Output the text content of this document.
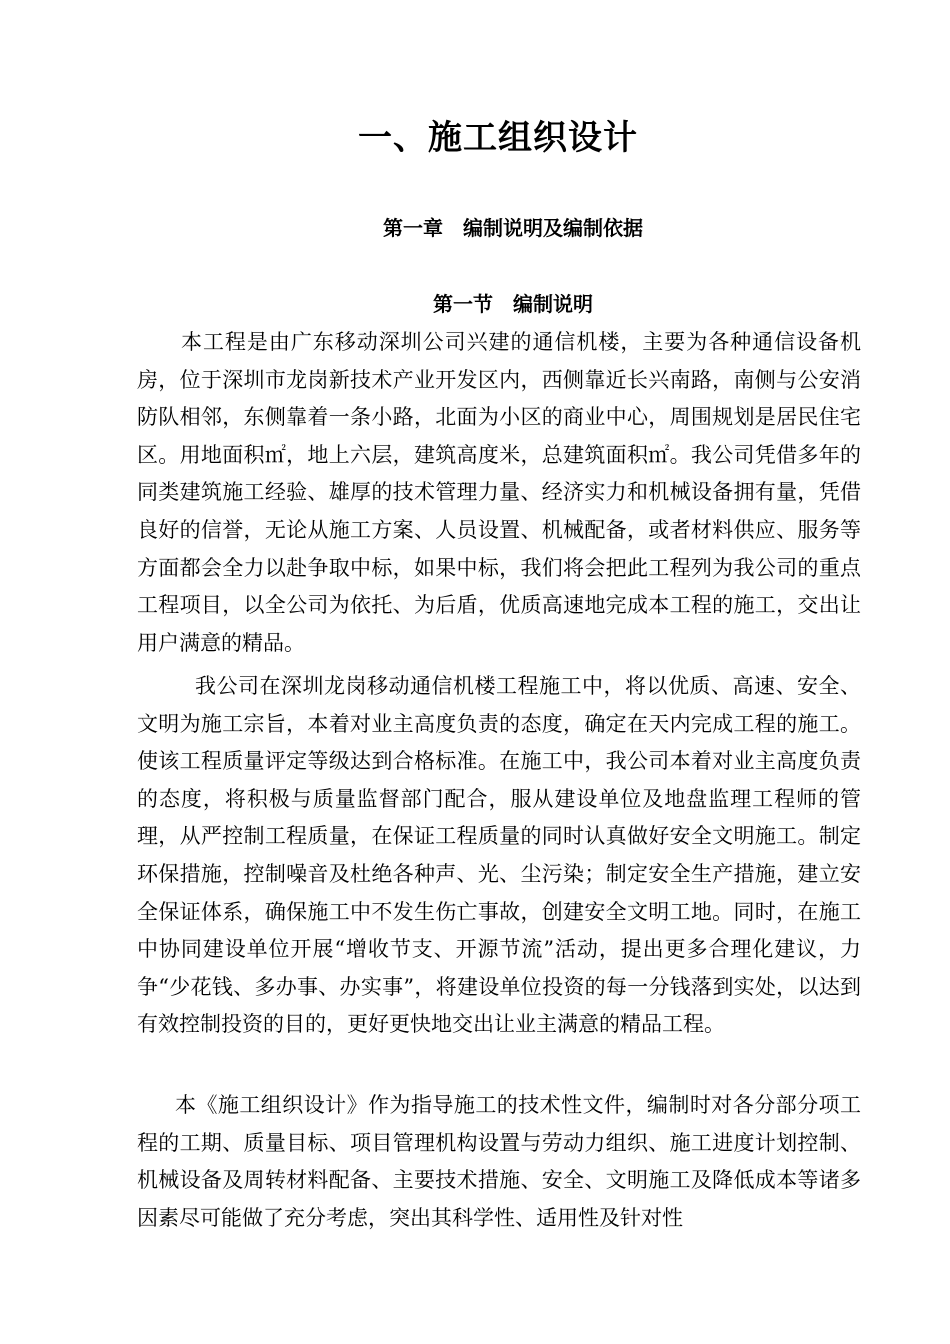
一、施工组织设计
第一章　编制说明及编制依据
第一节　编制说明

本工程是由广东移动深圳公司兴建的通信机楼，主要为各种通信设备机房，位于深圳市龙岗新技术产业开发区内，西侧靠近长兴南路，南侧与公安消防队相邻，东侧靠着一条小路，北面为小区的商业中心，周围规划是居民住宅区。用地面积㎡，地上六层，建筑高度米，总建筑面积㎡。我公司凭借多年的同类建筑施工经验、雄厚的技术管理力量、经济实力和机械设备拥有量，凭借良好的信誉，无论从施工方案、人员设置、机械配备，或者材料供应、服务等方面都会全力以赴争取中标，如果中标，我们将会把此工程列为我公司的重点工程项目，以全公司为依托、为后盾，优质高速地完成本工程的施工，交出让用户满意的精品。

我公司在深圳龙岗移动通信机楼工程施工中，将以优质、高速、安全、文明为施工宗旨，本着对业主高度负责的态度，确定在天内完成工程的施工。使该工程质量评定等级达到合格标准。在施工中，我公司本着对业主高度负责的态度，将积极与质量监督部门配合，服从建设单位及地盘监理工程师的管理，从严控制工程质量，在保证工程质量的同时认真做好安全文明施工。制定环保措施，控制噪音及杜绝各种声、光、尘污染；制定安全生产措施，建立安全保证体系，确保施工中不发生伤亡事故，创建安全文明工地。同时，在施工中协同建设单位开展“增收节支、开源节流”活动，提出更多合理化建议，力争“少花钱、多办事、办实事”，将建设单位投资的每一分钱落到实处，以达到有效控制投资的目的，更好更快地交出让业主满意的精品工程。

本《施工组织设计》作为指导施工的技术性文件，编制时对各分部分项工程的工期、质量目标、项目管理机构设置与劳动力组织、施工进度计划控制、机械设备及周转材料配备、主要技术措施、安全、文明施工及降低成本等诸多因素尽可能做了充分考虑，突出其科学性、适用性及针对性
